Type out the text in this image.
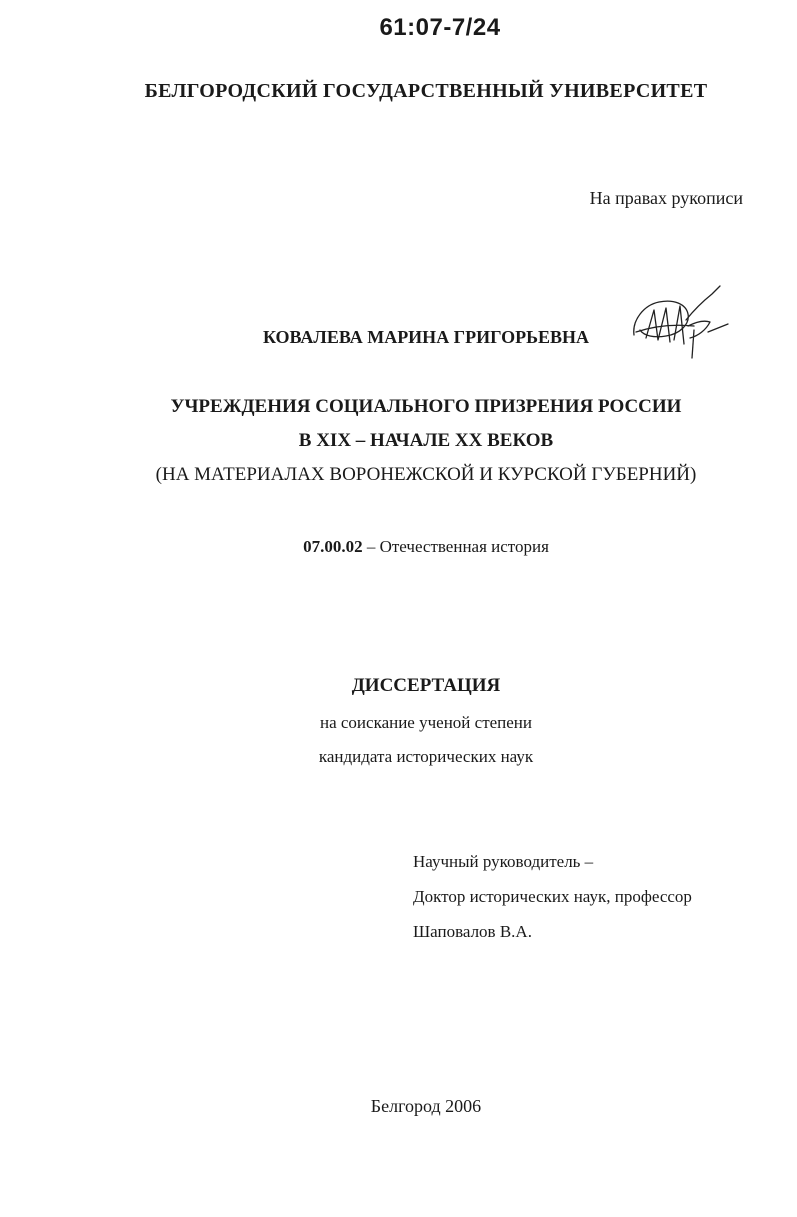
61:07-7/24
БЕЛГОРОДСКИЙ ГОСУДАРСТВЕННЫЙ УНИВЕРСИТЕТ
На правах рукописи
КОВАЛЕВА МАРИНА ГРИГОРЬЕВНА
УЧРЕЖДЕНИЯ СОЦИАЛЬНОГО ПРИЗРЕНИЯ РОССИИ
В XIX – НАЧАЛЕ XX ВЕКОВ
(НА МАТЕРИАЛАХ ВОРОНЕЖСКОЙ И КУРСКОЙ ГУБЕРНИЙ)
07.00.02 – Отечественная история
ДИССЕРТАЦИЯ
на соискание ученой степени
кандидата исторических наук
Научный руководитель –
Доктор исторических наук, профессор
Шаповалов В.А.
Белгород 2006
